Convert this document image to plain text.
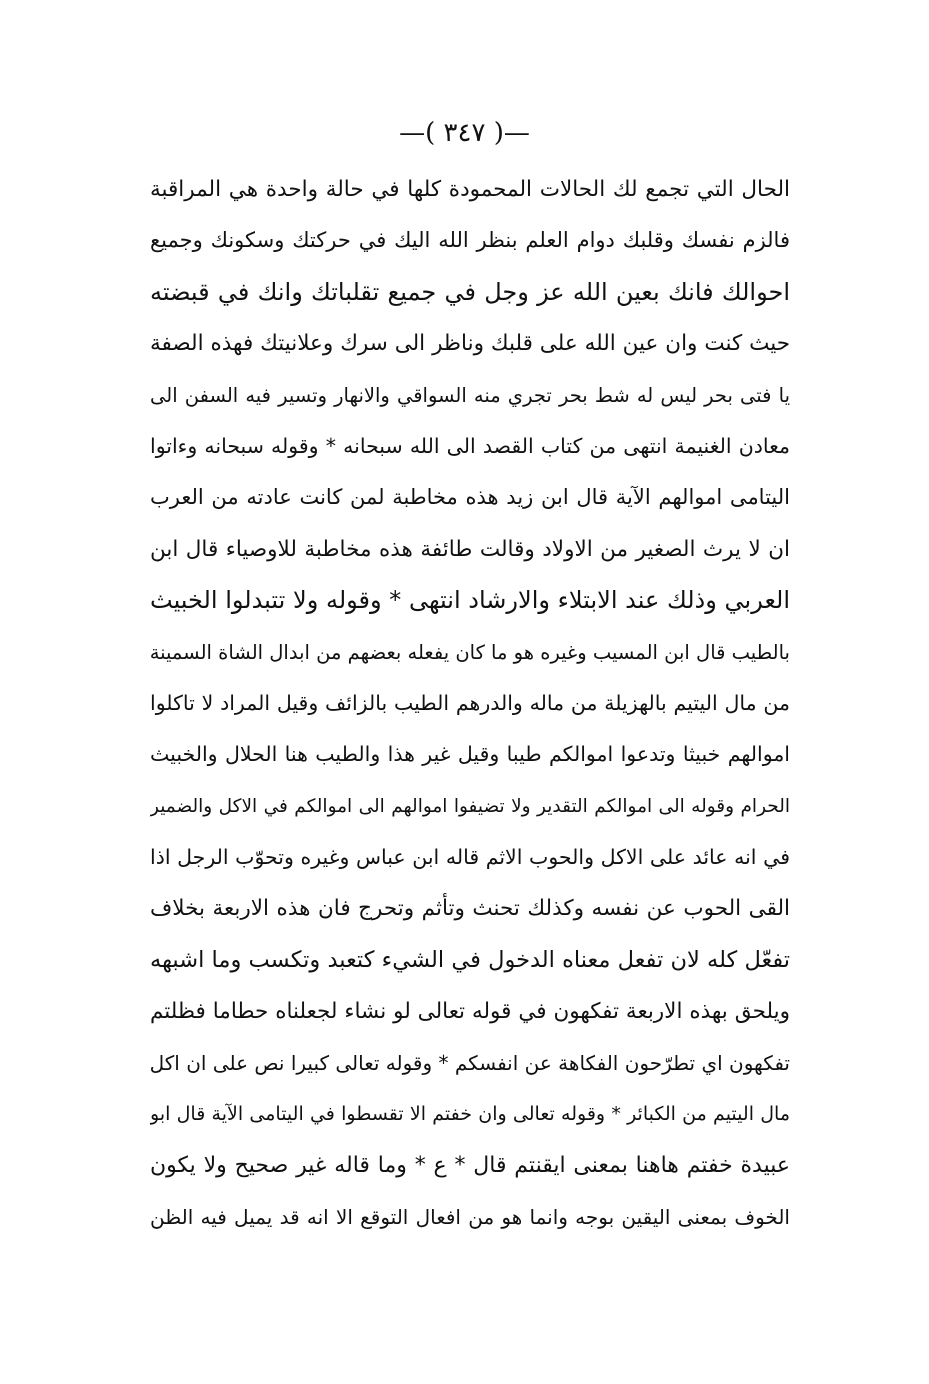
—( ٣٤٧ )—
الحال التي تجمع لك الحالات المحمودة كلها في حالة واحدة هي المراقبة
فالزم نفسك وقلبك دوام العلم بنظر الله اليك في حركتك وسكونك وجميع
احوالك فانك بعين الله عز وجل في جميع تقلباتك وانك في قبضته
حيث كنت وان عين الله على قلبك وناظر الى سرك وعلانيتك فهذه الصفة
يا فتى بحر ليس له شط بحر تجري منه السواقي والانهار وتسير فيه السفن الى
معادن الغنيمة انتهى من كتاب القصد الى الله سبحانه * وقوله سبحانه وءاتوا
اليتامى اموالهم الآية قال ابن زيد هذه مخاطبة لمن كانت عادته من العرب
ان لا يرث الصغير من الاولاد وقالت طائفة هذه مخاطبة للاوصياء قال ابن
العربي وذلك عند الابتلاء والارشاد انتهى * وقوله ولا تتبدلوا الخبيث
بالطيب قال ابن المسيب وغيره هو ما كان يفعله بعضهم من ابدال الشاة السمينة
من مال اليتيم بالهزيلة من ماله والدرهم الطيب بالزائف وقيل المراد لا تاكلوا
اموالهم خبيثا وتدعوا اموالكم طيبا وقيل غير هذا والطيب هنا الحلال والخبيث
الحرام وقوله الى اموالكم التقدير ولا تضيفوا اموالهم الى اموالكم في الاكل والضمير
في انه عائد على الاكل والحوب الاثم قاله ابن عباس وغيره وتحوّب الرجل اذا
القى الحوب عن نفسه وكذلك تحنث وتأثم وتحرج فان هذه الاربعة بخلاف
تفعّل كله لان تفعل معناه الدخول في الشيء كتعبد وتكسب وما اشبهه
ويلحق بهذه الاربعة تفكهون في قوله تعالى لو نشاء لجعلناه حطاما فظلتم
تفكهون اي تطرّحون الفكاهة عن انفسكم * وقوله تعالى كبيرا نص على ان اكل
مال اليتيم من الكبائر * وقوله تعالى وان خفتم الا تقسطوا في اليتامى الآية قال ابو
عبيدة خفتم هاهنا بمعنى ايقنتم قال * ع * وما قاله غير صحيح ولا يكون
الخوف بمعنى اليقين بوجه وانما هو من افعال التوقع الا انه قد يميل فيه الظن
